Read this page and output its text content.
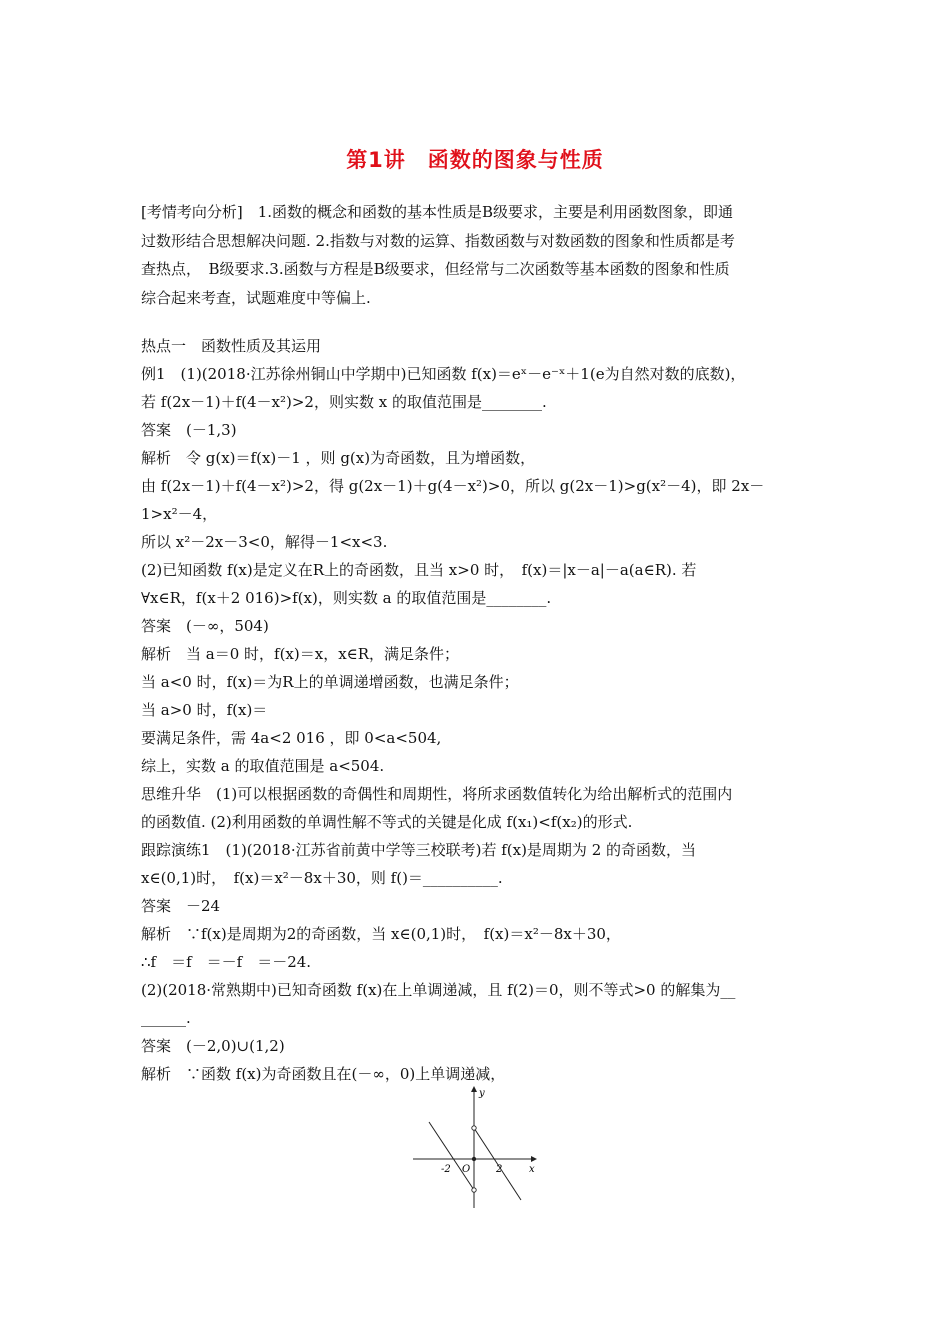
第1讲　函数的图象与性质

[考情考向分析]　1.函数的概念和函数的基本性质是B级要求，主要是利用函数图象，即通

过数形结合思想解决问题. 2.指数与对数的运算、指数函数与对数函数的图象和性质都是考

查热点，　B级要求.3.函数与方程是B级要求，但经常与二次函数等基本函数的图象和性质

综合起来考查，试题难度中等偏上.

热点一　函数性质及其运用

例1　(1)(2018·江苏徐州铜山中学期中)已知函数 f(x)＝eˣ－e⁻ˣ＋1(e为自然对数的底数)，

若 f(2x－1)＋f(4－x²)>2，则实数 x 的取值范围是________.

答案　(－1,3)

解析　令 g(x)＝f(x)－1 ，则 g(x)为奇函数，且为增函数，

由 f(2x－1)＋f(4－x²)>2，得 g(2x－1)＋g(4－x²)>0，所以 g(2x－1)>g(x²－4)，即 2x－

1>x²－4，

所以 x²－2x－3<0，解得－1<x<3.

(2)已知函数 f(x)是定义在R上的奇函数，且当 x>0 时，　f(x)＝|x－a|－a(a∈R). 若

∀x∈R，f(x＋2 016)>f(x)，则实数 a 的取值范围是________.

答案　(－∞，504)

解析　当 a＝0 时，f(x)＝x，x∈R，满足条件；

当 a<0 时，f(x)＝为R上的单调递增函数，也满足条件；

当 a>0 时，f(x)＝

要满足条件，需 4a<2 016 ，即 0<a<504,

综上，实数 a 的取值范围是 a<504.

思维升华　(1)可以根据函数的奇偶性和周期性，将所求函数值转化为给出解析式的范围内

的函数值. (2)利用函数的单调性解不等式的关键是化成 f(x₁)<f(x₂)的形式.

跟踪演练1　(1)(2018·江苏省前黄中学等三校联考)若 f(x)是周期为 2 的奇函数，当

x∈(0,1)时，　f(x)＝x²－8x＋30，则 f()＝__________.

答案　－24

解析　∵f(x)是周期为2的奇函数，当 x∈(0,1)时，　f(x)＝x²－8x＋30，

∴f　＝f　＝－f　＝－24.

(2)(2018·常熟期中)已知奇函数 f(x)在上单调递减，且 f(2)＝0，则不等式>0 的解集为__

______.

答案　(－2,0)∪(1,2)

解析　∵函数 f(x)为奇函数且在(－∞，0)上单调递减，

y
x
O
-2	2
